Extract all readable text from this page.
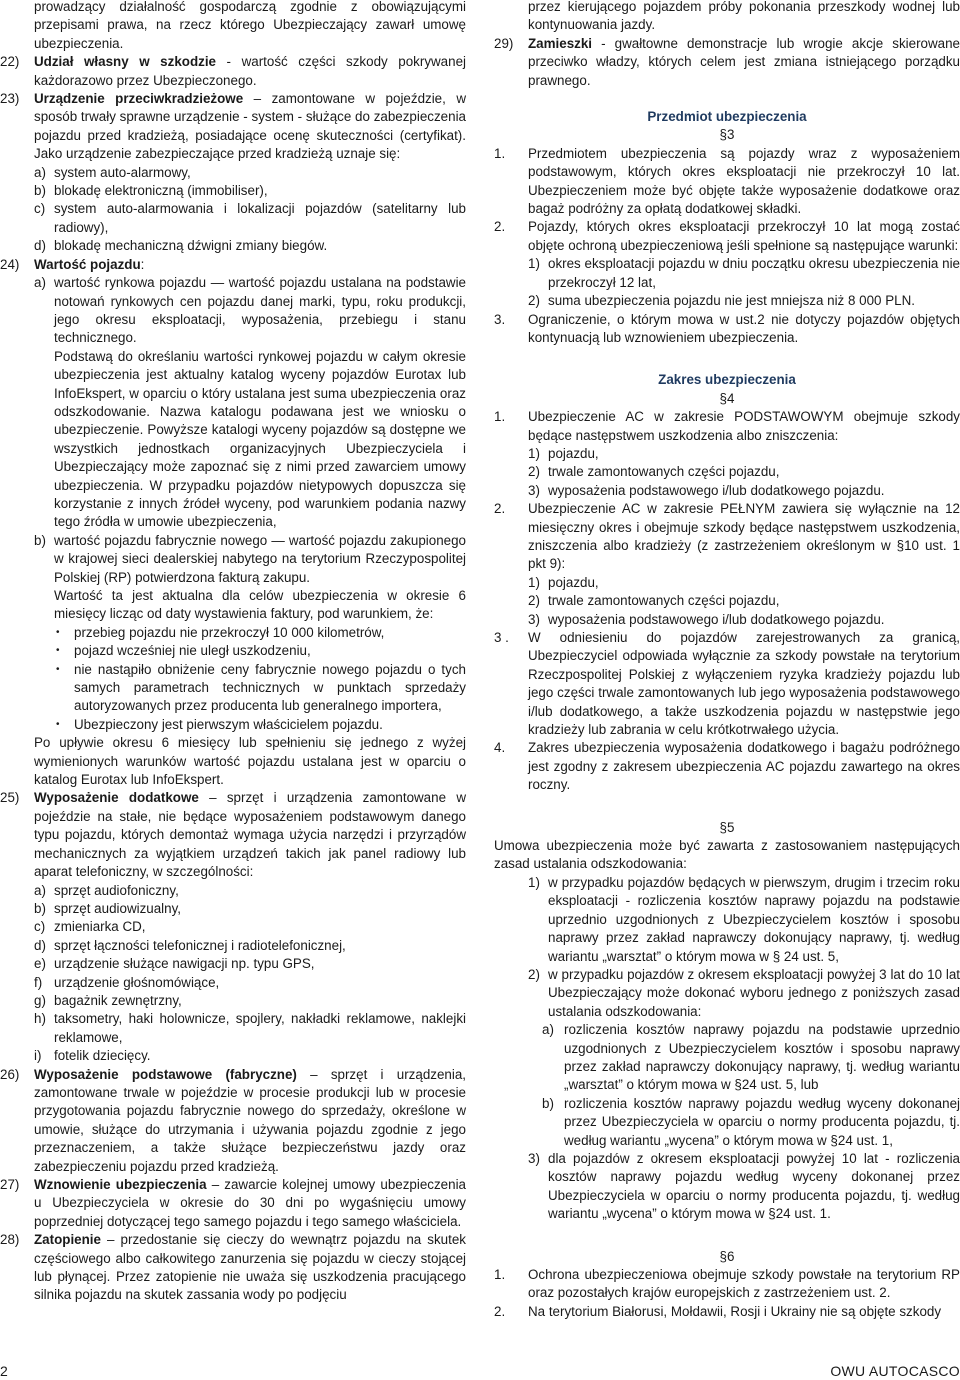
prowadzący działalność gospodarczą zgodnie z obowiązującymi przepisami prawa, na rzecz którego Ubezpieczający zawarł umowę ubezpieczenia.

22) Udział własny w szkodzie - wartość części szkody pokrywanej każdorazowo przez Ubezpieczonego.
23) Urządzenie przeciwkradzieżowe – zamontowane w pojeździe, w sposób trwały sprawne urządzenie - system - służące do zabezpieczenia pojazdu przed kradzieżą, posiadające ocenę skuteczności (certyfikat). Jako urządzenie zabezpieczające przed kradzieżą uznaje się:
a) system auto-alarmowy,
b) blokadę elektroniczną (immobiliser),
c) system auto-alarmowania i lokalizacji pojazdów (satelitarny lub radiowy),
d) blokadę mechaniczną dźwigni zmiany biegów.
24) Wartość pojazdu:
a) wartość rynkowa pojazdu — wartość pojazdu ustalana na podstawie notowań rynkowych cen pojazdu danej marki, typu, roku produkcji, jego okresu eksploatacji, wyposażenia, przebiegu i stanu technicznego.

Podstawą do określaniu wartości rynkowej pojazdu w całym okresie ubezpieczenia jest aktualny katalog wyceny pojazdów Eurotax lub InfoEkspert, w oparciu o który ustalana jest suma ubezpieczenia oraz odszkodowanie. Nazwa katalogu podawana jest we wniosku o ubezpieczenie. Powyższe katalogi wyceny pojazdów są dostępne we wszystkich jednostkach organizacyjnych Ubezpieczyciela i Ubezpieczający może zapoznać się z nimi przed zawarciem umowy ubezpieczenia. W przypadku pojazdów nietypowych dopuszcza się korzystanie z innych źródeł wyceny, pod warunkiem podania nazwy tego źródła w umowie ubezpieczenia,

b) wartość pojazdu fabrycznie nowego — wartość pojazdu zakupionego w krajowej sieci dealerskiej nabytego na terytorium Rzeczypospolitej Polskiej (RP) potwierdzona fakturą zakupu.

Wartość ta jest aktualna dla celów ubezpieczenia w okresie 6 miesięcy licząc od daty wystawienia faktury, pod warunkiem, że:

• przebieg pojazdu nie przekroczył 10 000 kilometrów,
• pojazd wcześniej nie uległ uszkodzeniu,
• nie nastąpiło obniżenie ceny fabrycznie nowego pojazdu o tych samych parametrach technicznych w punktach sprzedaży autoryzowanych przez producenta lub generalnego importera,
• Ubezpieczony jest pierwszym właścicielem pojazdu.

Po upływie okresu 6 miesięcy lub spełnieniu się jednego z wyżej wymienionych warunków wartość pojazdu ustalana jest w oparciu o katalog Eurotax lub InfoEkspert.

25) Wyposażenie dodatkowe – sprzęt i urządzenia zamontowane w pojeździe na stałe, nie będące wyposażeniem podstawowym danego typu pojazdu, których demontaż wymaga użycia narzędzi i przyrządów mechanicznych za wyjątkiem urządzeń takich jak panel radiowy lub aparat telefoniczny, w szczególności:
a) sprzęt audiofoniczny,
b) sprzęt audiowizualny,
c) zmieniarka CD,
d) sprzęt łączności telefonicznej i radiotelefonicznej,
e) urządzenie służące nawigacji np. typu GPS,
f) urządzenie głośnomówiące,
g) bagażnik zewnętrzny,
h) taksometry, haki holownicze, spojlery, nakładki reklamowe, naklejki reklamowe,
i) fotelik dziecięcy.
26) Wyposażenie podstawowe (fabryczne) – sprzęt i urządzenia, zamontowane trwale w pojeździe w procesie produkcji lub w procesie przygotowania pojazdu fabrycznie nowego do sprzedaży, określone w umowie, służące do utrzymania i używania pojazdu zgodnie z jego przeznaczeniem, a także służące bezpieczeństwu jazdy oraz zabezpieczeniu pojazdu przed kradzieżą.
27) Wznowienie ubezpieczenia – zawarcie kolejnej umowy ubezpieczenia u Ubezpieczyciela w okresie do 30 dni po wygaśnięciu umowy poprzedniej dotyczącej tego samego pojazdu i tego samego właściciela.
28) Zatopienie – przedostanie się cieczy do wewnątrz pojazdu na skutek częściowego albo całkowitego zanurzenia się pojazdu w cieczy stojącej lub płynącej. Przez zatopienie nie uważa się uszkodzenia pracującego silnika pojazdu na skutek zassania wody po podjęciu

przez kierującego pojazdem próby pokonania przeszkody wodnej lub kontynuowania jazdy.

29) Zamieszki - gwałtowne demonstracje lub wrogie akcje skierowane przeciwko władzy, których celem jest zmiana istniejącego porządku prawnego.
Przedmiot ubezpieczenia
§3
1. Przedmiotem ubezpieczenia są pojazdy wraz z wyposażeniem podstawowym, których okres eksploatacji nie przekroczył 10 lat. Ubezpieczeniem może być objęte także wyposażenie dodatkowe oraz bagaż podróżny za opłatą dodatkowej składki.
2. Pojazdy, których okres eksploatacji przekroczył 10 lat mogą zostać objęte ochroną ubezpieczeniową jeśli spełnione są następujące warunki:
1) okres eksploatacji pojazdu w dniu początku okresu ubezpieczenia nie przekroczył 12 lat,
2) suma ubezpieczenia pojazdu nie jest mniejsza niż 8 000 PLN.
3. Ograniczenie, o którym mowa w ust.2 nie dotyczy pojazdów objętych kontynuacją lub wznowieniem ubezpieczenia.
Zakres ubezpieczenia
§4
1. Ubezpieczenie AC w zakresie PODSTAWOWYM obejmuje szkody będące następstwem uszkodzenia albo zniszczenia:
1) pojazdu,
2) trwale zamontowanych części pojazdu,
3) wyposażenia podstawowego i/lub dodatkowego pojazdu.
2. Ubezpieczenie AC w zakresie PEŁNYM zawiera się wyłącznie na 12 miesięczny okres i obejmuje szkody będące następstwem uszkodzenia, zniszczenia albo kradzieży (z zastrzeżeniem określonym w §10 ust. 1 pkt 9):
1) pojazdu,
2) trwale zamontowanych części pojazdu,
3) wyposażenia podstawowego i/lub dodatkowego pojazdu.
3 . W odniesieniu do pojazdów zarejestrowanych za granicą, Ubezpieczyciel odpowiada wyłącznie za szkody powstałe na terytorium Rzeczpospolitej Polskiej z wyłączeniem ryzyka kradzieży pojazdu lub jego części trwale zamontowanych lub jego wyposażenia podstawowego i/lub dodatkowego, a także uszkodzenia pojazdu w następstwie jego kradzieży lub zabrania w celu krótkotrwałego użycia.
4. Zakres ubezpieczenia wyposażenia dodatkowego i bagażu podróżnego jest zgodny z zakresem ubezpieczenia AC pojazdu zawartego na okres roczny.
§5

Umowa ubezpieczenia może być zawarta z zastosowaniem następujących zasad ustalania odszkodowania:

1) w przypadku pojazdów będących w pierwszym, drugim i trzecim roku eksploatacji - rozliczenia kosztów naprawy pojazdu na podstawie uprzednio uzgodnionych z Ubezpieczycielem kosztów i sposobu naprawy przez zakład naprawczy dokonujący naprawy, tj. według wariantu „warsztat” o którym mowa w § 24 ust. 5,
2) w przypadku pojazdów z okresem eksploatacji powyżej 3 lat do 10 lat Ubezpieczający może dokonać wyboru jednego z poniższych zasad ustalania odszkodowania:
a) rozliczenia kosztów naprawy pojazdu na podstawie uprzednio uzgodnionych z Ubezpieczycielem kosztów i sposobu naprawy przez zakład naprawczy dokonujący naprawy, tj. według wariantu „warsztat” o którym mowa w §24 ust. 5, lub
b) rozliczenia kosztów naprawy pojazdu według wyceny dokonanej przez Ubezpieczyciela w oparciu o normy producenta pojazdu, tj. według wariantu „wycena” o którym mowa w §24 ust. 1,
3) dla pojazdów z okresem eksploatacji powyżej 10 lat - rozliczenia kosztów naprawy pojazdu według wyceny dokonanej przez Ubezpieczyciela w oparciu o normy producenta pojazdu, tj. według wariantu „wycena” o którym mowa w §24 ust. 1.
§6
1. Ochrona ubezpieczeniowa obejmuje szkody powstałe na terytorium RP oraz pozostałych krajów europejskich z zastrzeżeniem ust. 2.
2. Na terytorium Białorusi, Mołdawii, Rosji i Ukrainy nie są objęte szkody
2	OWU AUTOCASCO
